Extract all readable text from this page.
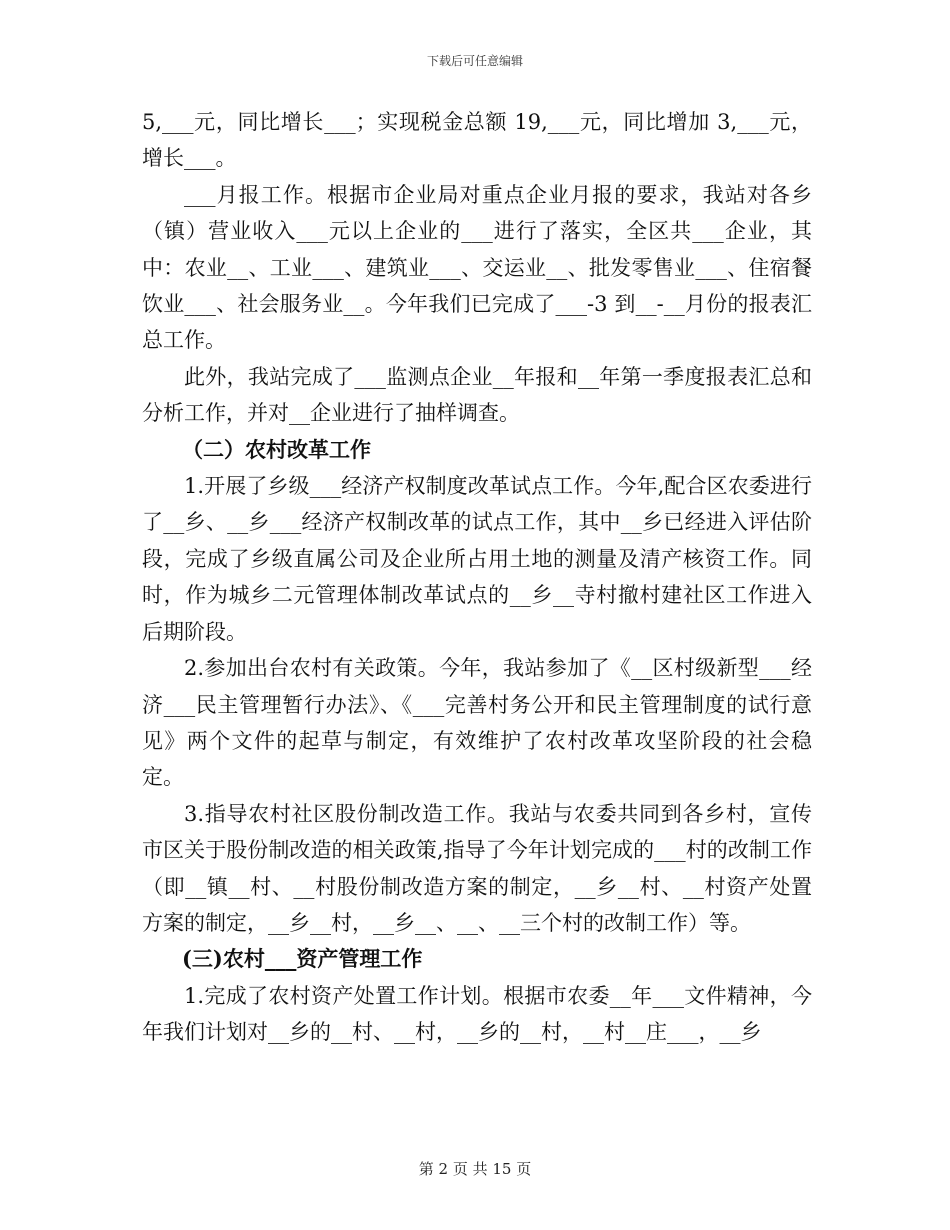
下载后可任意编辑

5,___元，同比增长___；实现税金总额 19,___元，同比增加 3,___元，增长___。

___月报工作。根据市企业局对重点企业月报的要求，我站对各乡（镇）营业收入___元以上企业的___进行了落实，全区共___企业，其中：农业__、工业___、建筑业___、交运业__、批发零售业___、住宿餐饮业___、社会服务业__。今年我们已完成了___-3 到__-__月份的报表汇总工作。

此外，我站完成了___监测点企业__年报和__年第一季度报表汇总和分析工作，并对__企业进行了抽样调查。

（二）农村改革工作

1.开展了乡级___经济产权制度改革试点工作。今年,配合区农委进行了__乡、__乡___经济产权制改革的试点工作，其中__乡已经进入评估阶段，完成了乡级直属公司及企业所占用土地的测量及清产核资工作。同时，作为城乡二元管理体制改革试点的__乡__寺村撤村建社区工作进入后期阶段。

2.参加出台农村有关政策。今年，我站参加了《__区村级新型___经济___民主管理暂行办法》、《___完善村务公开和民主管理制度的试行意见》两个文件的起草与制定，有效维护了农村改革攻坚阶段的社会稳定。

3.指导农村社区股份制改造工作。我站与农委共同到各乡村，宣传市区关于股份制改造的相关政策,指导了今年计划完成的___村的改制工作（即__镇__村、__村股份制改造方案的制定，__乡__村、__村资产处置方案的制定，__乡__村，__乡__、__、__三个村的改制工作）等。

(三)农村___资产管理工作

1.完成了农村资产处置工作计划。根据市农委__年___文件精神，今年我们计划对__乡的__村、__村，__乡的__村，__村__庄___，__乡

第 2 页 共 15 页
